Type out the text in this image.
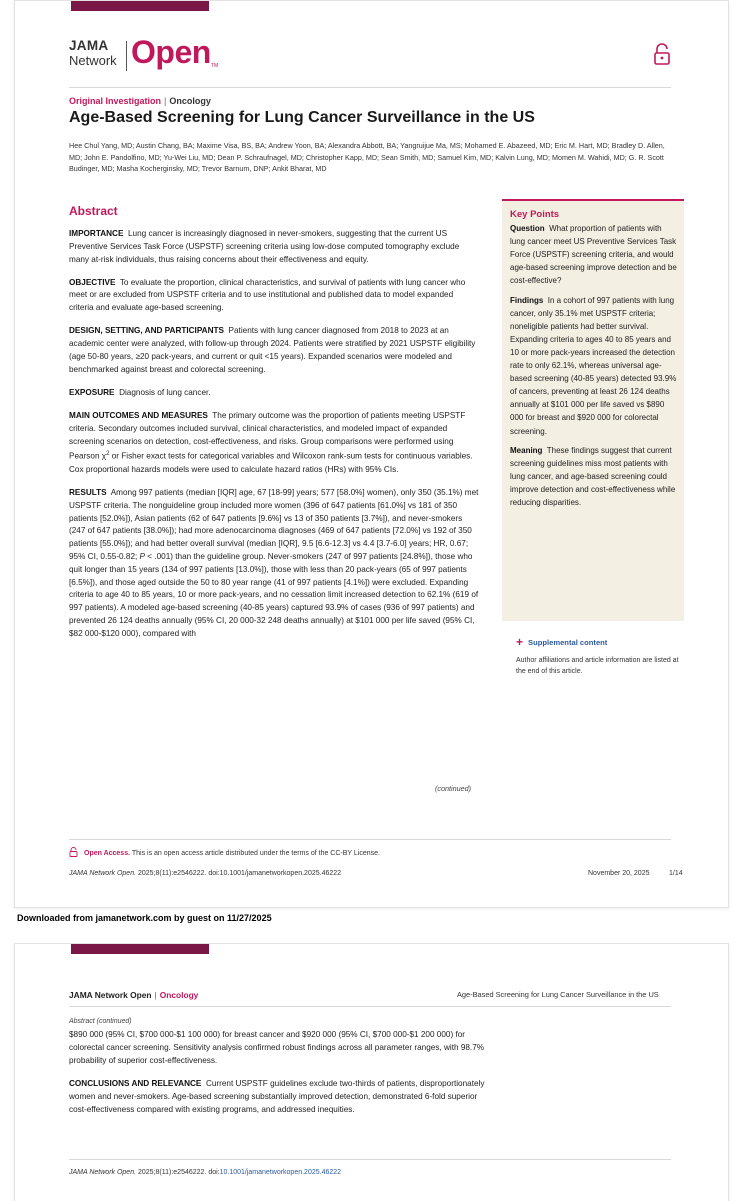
JAMA
Network Open TM
Original Investigation | Oncology
Age-Based Screening for Lung Cancer Surveillance in the US
Hee Chul Yang, MD; Austin Chang, BA; Maxime Visa, BS, BA; Andrew Yoon, BA; Alexandra Abbott, BA; Yangruijue Ma, MS; Mohamed E. Abazeed, MD; Eric M. Hart, MD; Bradley D. Allen, MD; John E. Pandolfino, MD; Yu-Wei Liu, MD; Dean P. Schraufnagel, MD; Christopher Kapp, MD; Sean Smith, MD; Samuel Kim, MD; Kalvin Lung, MD; Momen M. Wahidi, MD; G. R. Scott Budinger, MD; Masha Kocherginsky, MD; Trevor Barnum, DNP; Ankit Bharat, MD
Abstract

IMPORTANCE Lung cancer is increasingly diagnosed in never-smokers, suggesting that the current US Preventive Services Task Force (USPSTF) screening criteria using low-dose computed tomography exclude many at-risk individuals, thus raising concerns about their effectiveness and equity.

OBJECTIVE To evaluate the proportion, clinical characteristics, and survival of patients with lung cancer who meet or are excluded from USPSTF criteria and to use institutional and published data to model expanded criteria and evaluate age-based screening.

DESIGN, SETTING, AND PARTICIPANTS Patients with lung cancer diagnosed from 2018 to 2023 at an academic center were analyzed, with follow-up through 2024. Patients were stratified by 2021 USPSTF eligibility (age 50-80 years, ≥20 pack-years, and current or quit <15 years). Expanded scenarios were modeled and benchmarked against breast and colorectal screening.

EXPOSURE Diagnosis of lung cancer.

MAIN OUTCOMES AND MEASURES The primary outcome was the proportion of patients meeting USPSTF criteria. Secondary outcomes included survival, clinical characteristics, and modeled impact of expanded screening scenarios on detection, cost-effectiveness, and risks. Group comparisons were performed using Pearson $\chi^2$ or Fisher exact tests for categorical variables and Wilcoxon rank-sum tests for continuous variables. Cox proportional hazards models were used to calculate hazard ratios (HRs) with 95% CIs.

RESULTS Among 997 patients (median [IQR] age, 67 [18-99] years; 577 [58.0%] women), only 350 (35.1%) met USPSTF criteria. The nonguideline group included more women (396 of 647 patients [61.0%] vs 181 of 350 patients [52.0%]), Asian patients (62 of 647 patients [9.6%] vs 13 of 350 patients [3.7%]), and never-smokers (247 of 647 patients [38.0%]); had more adenocarcinoma diagnoses (469 of 647 patients [72.0%] vs 192 of 350 patients [55.0%]); and had better overall survival (median [IQR], 9.5 [6.6-12.3] vs 4.4 [3.7-6.0] years; HR, 0.67; 95% CI, 0.55-0.82; P < .001) than the guideline group. Never-smokers (247 of 997 patients [24.8%]), those who quit longer than 15 years (134 of 997 patients [13.0%]), those with less than 20 pack-years (65 of 997 patients [6.5%]), and those aged outside the 50 to 80 year range (41 of 997 patients [4.1%]) were excluded. Expanding criteria to age 40 to 85 years, 10 or more pack-years, and no cessation limit increased detection to 62.1% (619 of 997 patients). A modeled age-based screening (40-85 years) captured 93.9% of cases (936 of 997 patients) and prevented 26 124 deaths annually (95% CI, 20 000-32 248 deaths annually) at $101 000 per life saved (95% CI, $82 000-$120 000), compared with

(continued)
Key Points

Question What proportion of patients with lung cancer meet US Preventive Services Task Force (USPSTF) screening criteria, and would age-based screening improve detection and be cost-effective?

Findings In a cohort of 997 patients with lung cancer, only 35.1% met USPSTF criteria; noneligible patients had better survival. Expanding criteria to ages 40 to 85 years and 10 or more pack-years increased the detection rate to only 62.1%, whereas universal age-based screening (40-85 years) detected 93.9% of cancers, preventing at least 26 124 deaths annually at $101 000 per life saved vs $890 000 for breast and $920 000 for colorectal screening.

Meaning These findings suggest that current screening guidelines miss most patients with lung cancer, and age-based screening could improve detection and cost-effectiveness while reducing disparities.

+ Supplemental content
Author affiliations and article information are listed at the end of this article.
Open Access. This is an open access article distributed under the terms of the CC-BY License.
JAMA Network Open. 2025;8(11):e2546222. doi:10.1001/jamanetworkopen.2025.46222	November 20, 2025	1/14
Downloaded from jamanetwork.com by guest on 11/27/2025
JAMA Network Open | Oncology	Age-Based Screening for Lung Cancer Surveillance in the US
Abstract (continued)

$890 000 (95% CI, $700 000-$1 100 000) for breast cancer and $920 000 (95% CI, $700 000-$1 200 000) for colorectal cancer screening. Sensitivity analysis confirmed robust findings across all parameter ranges, with 98.7% probability of superior cost-effectiveness.

CONCLUSIONS AND RELEVANCE Current USPSTF guidelines exclude two-thirds of patients, disproportionately women and never-smokers. Age-based screening substantially improved detection, demonstrated 6-fold superior cost-effectiveness compared with existing programs, and addressed inequities.

JAMA Network Open. 2025;8(11):e2546222. doi:10.1001/jamanetworkopen.2025.46222
